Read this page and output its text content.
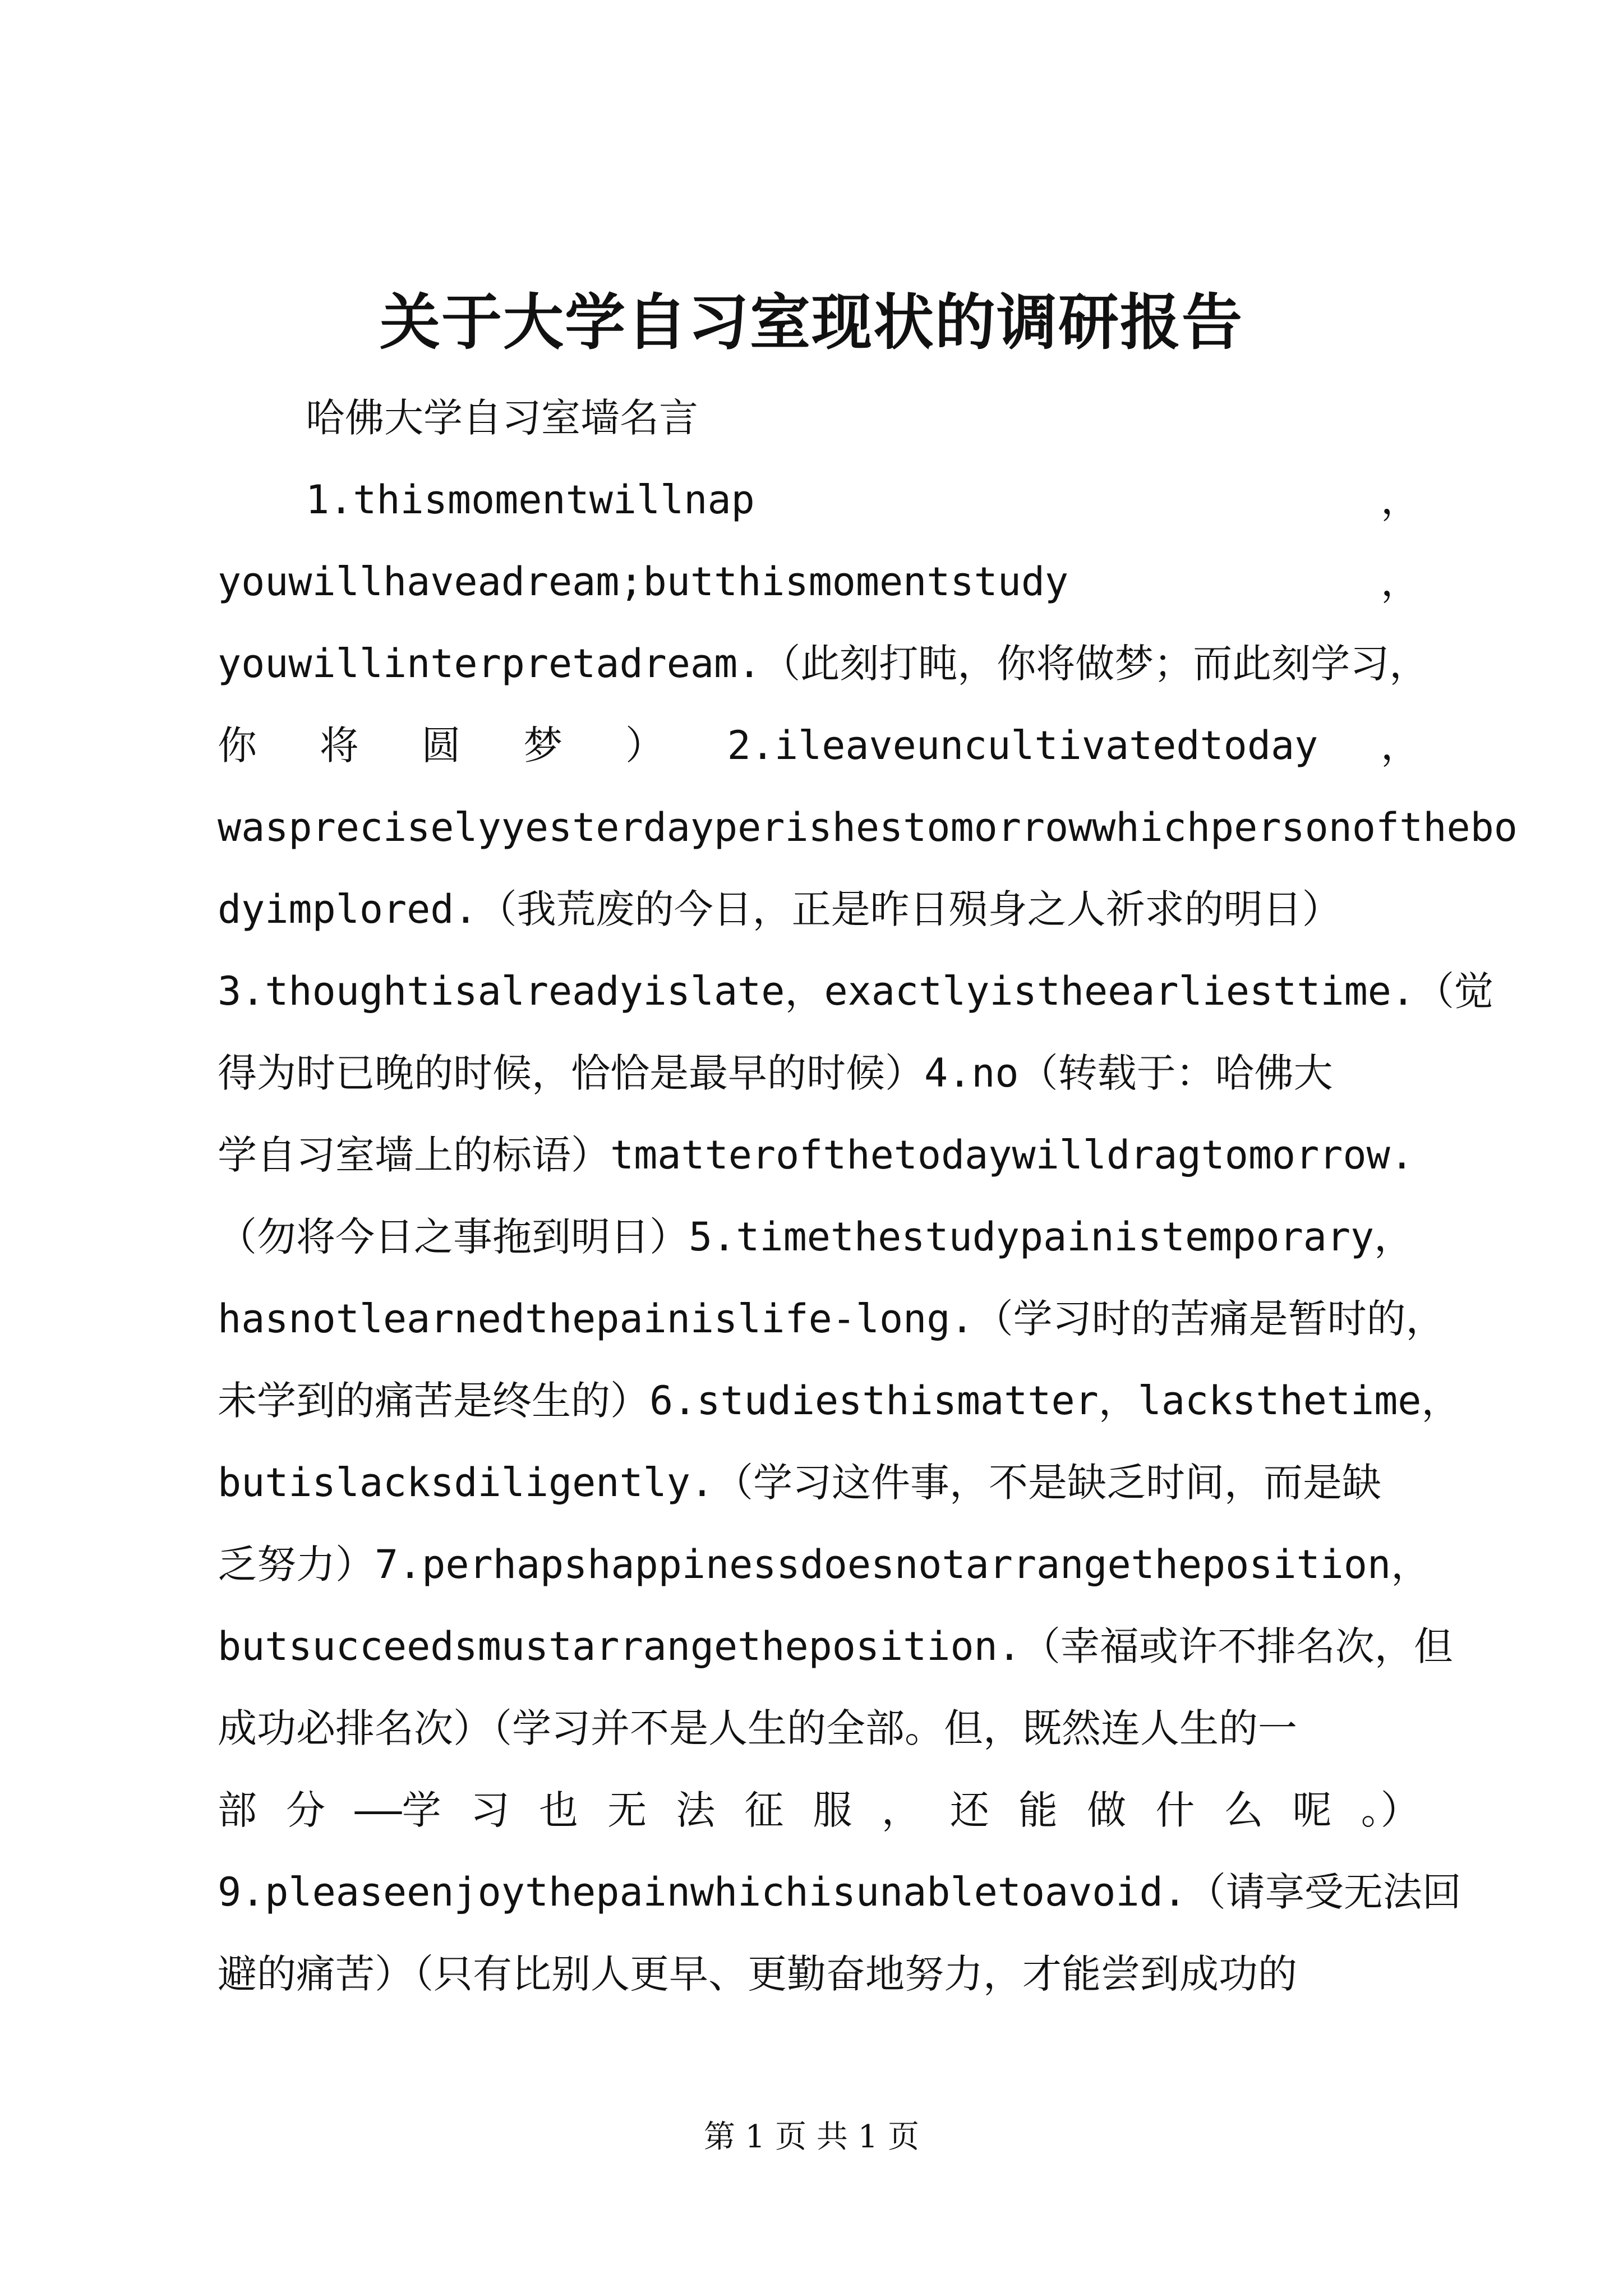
关于大学自习室现状的调研报告
哈佛大学自习室墙名言
1.thismomentwillnap	，
youwillhaveadream;butthismomentstudy	，
youwillinterpretadream.（此刻打盹，你将做梦；而此刻学习，
你 将 圆 梦 ） 2.ileaveuncultivatedtoday ，
waspreciselyyesterdayperishestomorrowwhichpersonofthebo
dyimplored.（我荒废的今日，正是昨日殒身之人祈求的明日）
3.thoughtisalreadyislate，exactlyistheearliesttime.（觉
得为时已晚的时候，恰恰是最早的时候）4.no（转载于：哈佛大
学自习室墙上的标语）tmatterofthetodaywilldragtomorrow.
（勿将今日之事拖到明日）5.timethestudypainistemporary，
hasnotlearnedthepainislife-long.（学习时的苦痛是暂时的，
未学到的痛苦是终生的）6.studiesthismatter，lacksthetime，
butislacksdiligently.（学习这件事，不是缺乏时间，而是缺
乏 努 力 ） 7.perhapshappinessdoesnotarrangetheposition ，
butsucceedsmustarrangetheposition.（幸福或许不排名次，但
成功必排名次）（学习并不是人生的全部。但，既然连人生的一
部 分 ——学 习 也 无 法 征 服 ， 还 能 做 什 么 呢 。）
9.pleaseenjoythepainwhichisunabletoavoid.（请享受无法回
避的痛苦）（只有比别人更早、更勤奋地努力，才能尝到成功的
第 1 页 共 1 页
